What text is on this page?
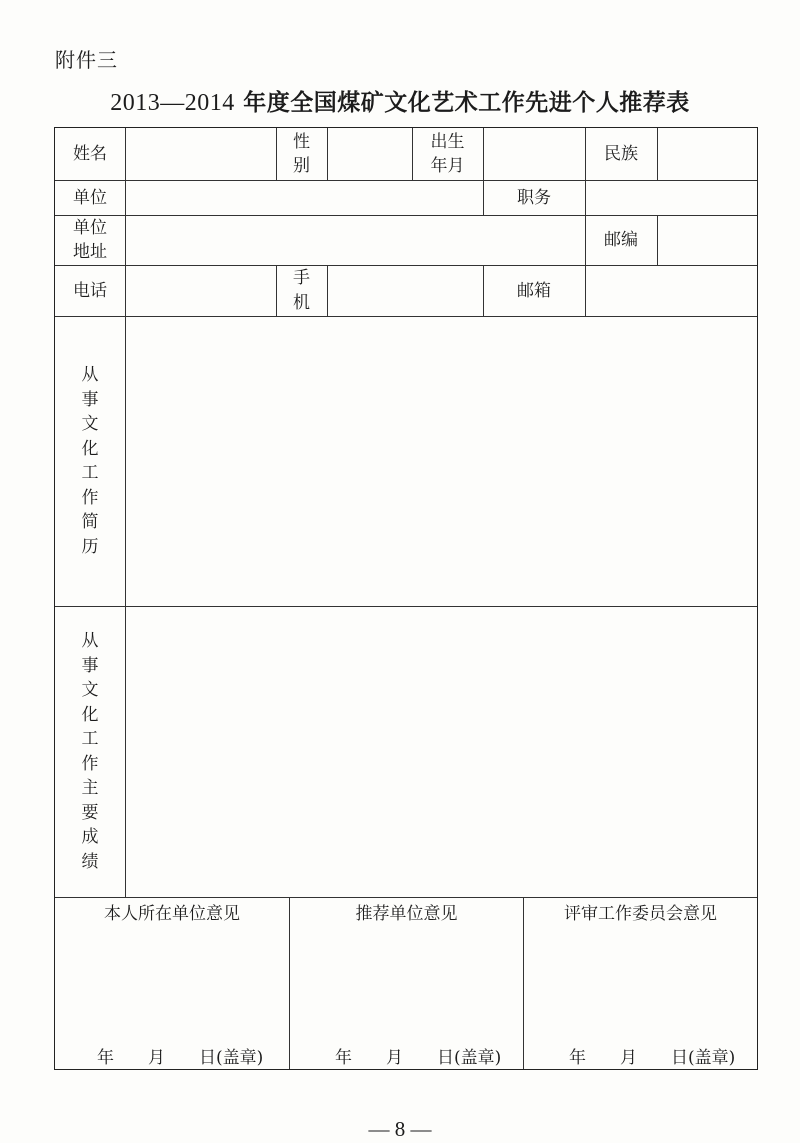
附件三
2013—2014 年度全国煤矿文化艺术工作先进个人推荐表
姓名
性
别
出生
年月
民族
单位	职务
单位
地址
邮编
电话
手
机
邮箱
从
事
文
化
工
作
简
历
从
事
文
化
工
作
主
要
成
绩
本人所在单位意见
年　　月　　日(盖章)
推荐单位意见
年　　月　　日(盖章)
评审工作委员会意见
年　　月　　日(盖章)
— 8 —
